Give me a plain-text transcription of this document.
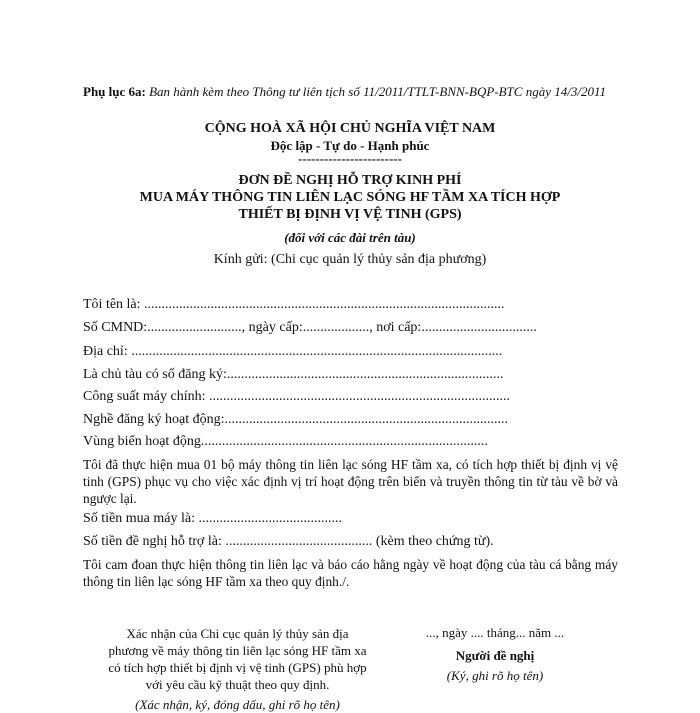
Phụ lục 6a: Ban hành kèm theo Thông tư liên tịch số 11/2011/TTLT-BNN-BQP-BTC ngày 14/3/2011
CỘNG HOÀ XÃ HỘI CHỦ NGHĨA VIỆT NAM
Độc lập - Tự do - Hạnh phúc
------------------------
ĐƠN ĐỀ NGHỊ HỖ TRỢ KINH PHÍ
MUA MÁY THÔNG TIN LIÊN LẠC SÓNG HF TẦM XA TÍCH HỢP
THIẾT BỊ ĐỊNH VỊ VỆ TINH (GPS)
(đối với các đài trên tàu)
Kính gửi: (Chi cục quản lý thủy sản địa phương)
Tôi tên là: .......................................................................................................
Số CMND:..........................., ngày cấp:..................., nơi cấp:.................................
Địa chỉ: ..........................................................................................................
Là chủ tàu có số đăng ký:...............................................................................
Công suất máy chính: ......................................................................................
Nghề đăng ký hoạt động:.................................................................................
Vùng biển hoạt động..................................................................................
Tôi đã thực hiện mua 01 bộ máy thông tin liên lạc sóng HF tầm xa, có tích hợp thiết bị định vị vệ tinh (GPS) phục vụ cho việc xác định vị trí hoạt động trên biển và truyền thông tin từ tàu về bờ và ngược lại.
Số tiền mua máy là: .........................................
Số tiền đề nghị hỗ trợ là: .......................................... (kèm theo chứng từ).
Tôi cam đoan thực hiện thông tin liên lạc và báo cáo hằng ngày về hoạt động của tàu cá bằng máy thông tin liên lạc sóng HF tầm xa theo quy định./.
Xác nhận của Chi cục quản lý thủy sản địa phương về máy thông tin liên lạc sóng HF tầm xa có tích hợp thiết bị định vị vệ tinh (GPS) phù hợp với yêu cầu kỹ thuật theo quy định.
(Xác nhận, ký, đóng dấu, ghi rõ họ tên)
..., ngày .... tháng... năm ...
Người đề nghị
(Ký, ghi rõ họ tên)
